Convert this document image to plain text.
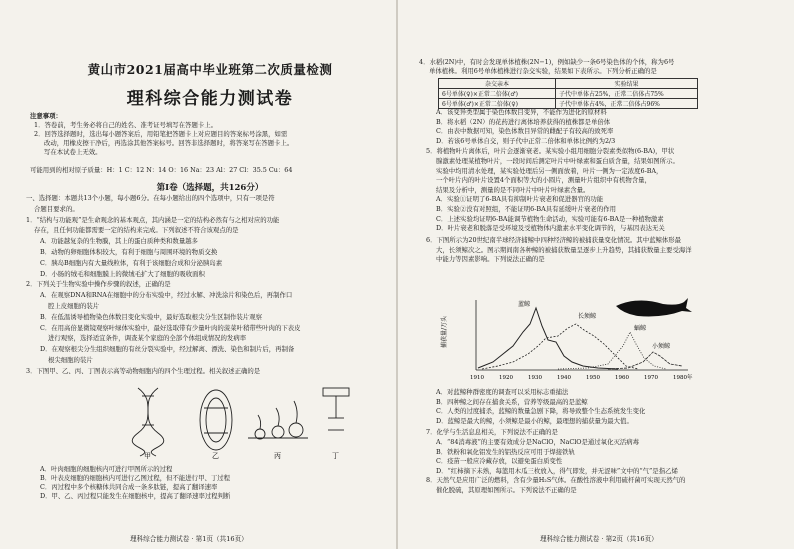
黄山市2021届高中毕业班第二次质量检测
理科综合能力测试卷
注意事项：
1．答卷前，考生务必将自己的姓名、准考证号填写在答题卡上。
2．回答选择题时，选出每小题答案后，用铅笔把答题卡上对应题目的答案标号涂黑，如需
改动，用橡皮擦干净后，再选涂其他答案标号。回答非选择题时，将答案写在答题卡上。
写在本试卷上无效。
可能用到的相对原子质量：H：1 C：12 N：14 O：16 Na：23 Al：27 Cl：35.5 Cu：64
第Ⅰ卷（选择题，共126分）
一、选择题：本题共13个小题，每小题6分。在每小题给出的四个选项中，只有一项是符
合题目要求的。
1．“结构与功能观”是生命观念的基本观点，其内涵是一定的结构必然有与之相对应的功能
存在，且任何功能都需要一定的结构来完成。下列叙述不符合该观点的是
A．功能越复杂的生物膜，其上的蛋白质种类和数量越多
B．动物的卵细胞体积较大，有利于细胞与周围环境的物质交换
C．胰岛B细胞内有大量线粒体，有利于该细胞合成和分泌胰岛素
D．小肠的绒毛和细胞膜上的微绒毛扩大了细胞的吸收面积
2．下列关于生物实验中操作步骤的叙述，正确的是
A．在观察DNA和RNA在细胞中的分布实验中，经过水解、冲洗涂片和染色后，再制作口
腔上皮细胞的装片
B．在低温诱导植物染色体数目变化实验中，最好选取根尖分生区制作装片观察
C．在用高倍显微镜观察叶绿体实验中，最好选取带有少量叶肉的菠菜叶稍带些叶肉的下表皮
进行观察，选择适宜条件，调查某个家庭的全部个体组成情况的发病率
D．在观察根尖分生组织细胞的有丝分裂实验中，经过解离、漂洗、染色和制片后，再制备
根尖细胞的装片
3．下图甲、乙、丙、丁图表示高等动物细胞内的四个生理过程。相关叙述正确的是
甲	乙	丙	丁
A．叶肉细胞的细胞核内可进行甲图所示的过程
B．叶表皮细胞的细胞核内可进行乙图过程，但不能进行甲、丁过程
C．丙过程中多个核糖体共同合成一条多肽链，提高了翻译速率
D．甲、乙、丙过程只能发生在细胞核中，提高了翻译速率过程判断
理科综合能力测试卷 · 第1页（共16页）
4．水稻(2N)中，有时会发现单体植株(2N−1)，例如缺少一条6号染色体的个体，称为6号
单体植株。利用6号单体植株进行杂交实验，结果如下表所示。下列分析正确的是
杂交亲本	实验结果
6号单体(♀)×正常二倍体(♂)	子代中单体占25%，正常二倍体占75%
6号单体(♂)×正常二倍体(♀)	子代中单体占4%，正常二倍体占96%
A．该变异类型属于染色体数目变异，不能作为进化的原材料
B．将水稻（2N）的花药进行离体培养获得的植株都是单倍体
C．由表中数据可知，染色体数目异常的雌配子有较高的致死率
D．若该6号单体自交，则子代中正常二倍体和单体比例约为2/3
5．将植物叶片离体后，叶片会逐渐衰老。某实验小组用细胞分裂素类似物(6-BA)，甲状
腺激素处理某植物叶片，一段时间后测定叶片中叶绿素和蛋白质含量，结果如图所示。
实验中均用清水处理，某实验处理后另一侧面放着，叶片一侧为一定浓度6-BA，
一个叶片内的叶片设置4个面积等大的小圆片，测量叶片组织中有机物含量，
结果及分析中，测量的是不同叶片中叶片叶绿素含量。
A．实验①证明了6-BA具有抑制叶片衰老和促进器官的功能
B．实验②没有对照组，不能证明6-BA具有延缓叶片衰老的作用
C．上述实验均证明6-BA能调节植物生命活动，实验可能有6-BA是一种植物激素
D．叶片衰老和脱落是受环境及受植物体内激素水平变化调节的，与基因表达无关
6．下图所示为20世纪南半球经济捕鲸中四种经济鲸的被捕获量变化情况。其中蓝鲸体形最
大，长须鲸次之。图示期间南各种鲸的被捕获数量呈逐步上升趋势，其捕获数量主要受海洋
中能力等因素影响。下列说法正确的是
A．对蓝鲸种群密度的调查可以采用标志重捕法
B．四种鲸之间存在捕食关系，营养等级最高的是蓝鲸
C．人类的过度捕杀，蓝鲸的数量急剧下降，将导致整个生态系统发生变化
D．蓝鲸是最大的鲸，小须鲸是最小的鲸，最理想的捕获量为最大值。
7．化学与生活息息相关，下列说法不正确的是
A．“84消毒液”的主要有效成分是NaClO，NaClO是通过氧化灭活病毒
B．铁粉和氧化铝发生的铝热反应可用于焊接铁轨
C．疫苗一般应冷藏存放，以避免蛋白质变性
D．“红柿摘下未熟，每篮用木瓜三枚放入，得气即发，并无涩味”文中的“气”是指乙烯
8．天然气是应用广泛的燃料，含有少量H₂S气体。在酸性溶液中利用硫杆菌可实现天然气的
催化脱硫，其原理如图所示。下列说法不正确的是
捕获量/万头
蓝鲸
长须鲸
蝠鲸
小须鲸
1910	1920	1930	1940	1950	1960	1970	1980年
理科综合能力测试卷 · 第2页（共16页）
